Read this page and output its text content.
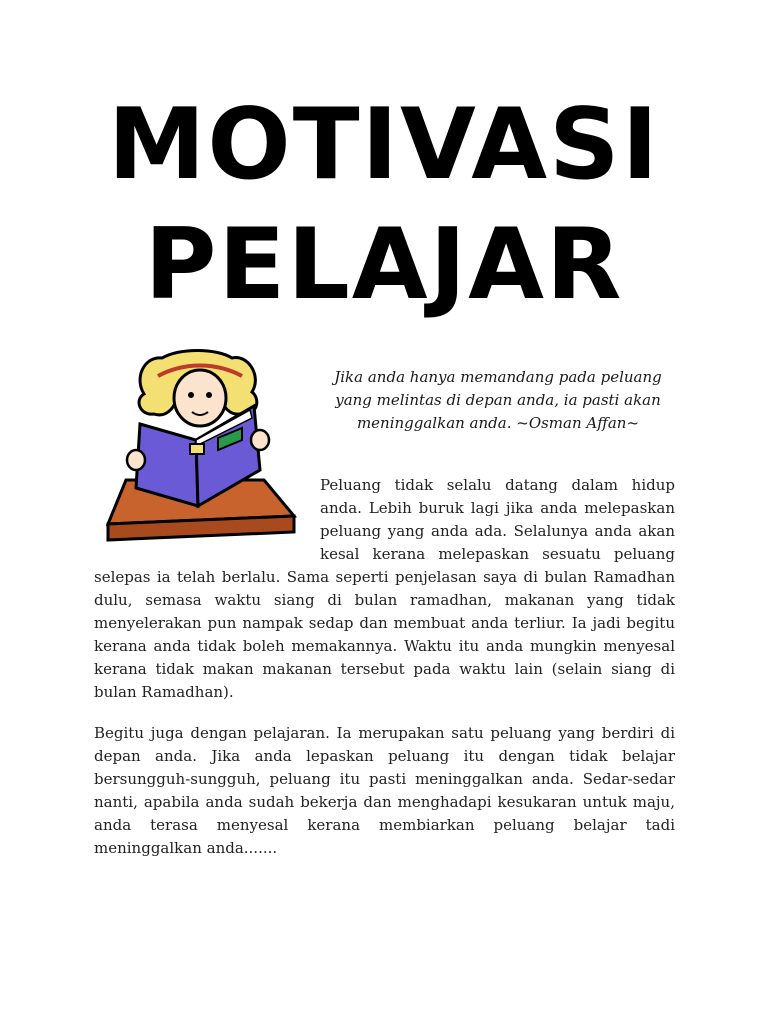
MOTIVASI
PELAJAR

Jika anda hanya memandang pada peluang yang melintas di depan anda, ia pasti akan meninggalkan anda. ~Osman Affan~

Peluang tidak selalu datang dalam hidup anda. Lebih buruk lagi jika anda melepaskan peluang yang anda ada. Selalunya anda akan kesal kerana melepaskan sesuatu peluang selepas ia telah berlalu. Sama seperti penjelasan saya di bulan Ramadhan dulu, semasa waktu siang di bulan ramadhan, makanan yang tidak menyelerakan pun nampak sedap dan membuat anda terliur. Ia jadi begitu kerana anda tidak boleh memakannya. Waktu itu anda mungkin menyesal kerana tidak makan makanan tersebut pada waktu lain (selain siang di bulan Ramadhan).

Begitu juga dengan pelajaran. Ia merupakan satu peluang yang berdiri di depan anda. Jika anda lepaskan peluang itu dengan tidak belajar bersungguh-sungguh, peluang itu pasti meninggalkan anda. Sedar-sedar nanti, apabila anda sudah bekerja dan menghadapi kesukaran untuk maju, anda terasa menyesal kerana membiarkan peluang belajar tadi meninggalkan anda.......
